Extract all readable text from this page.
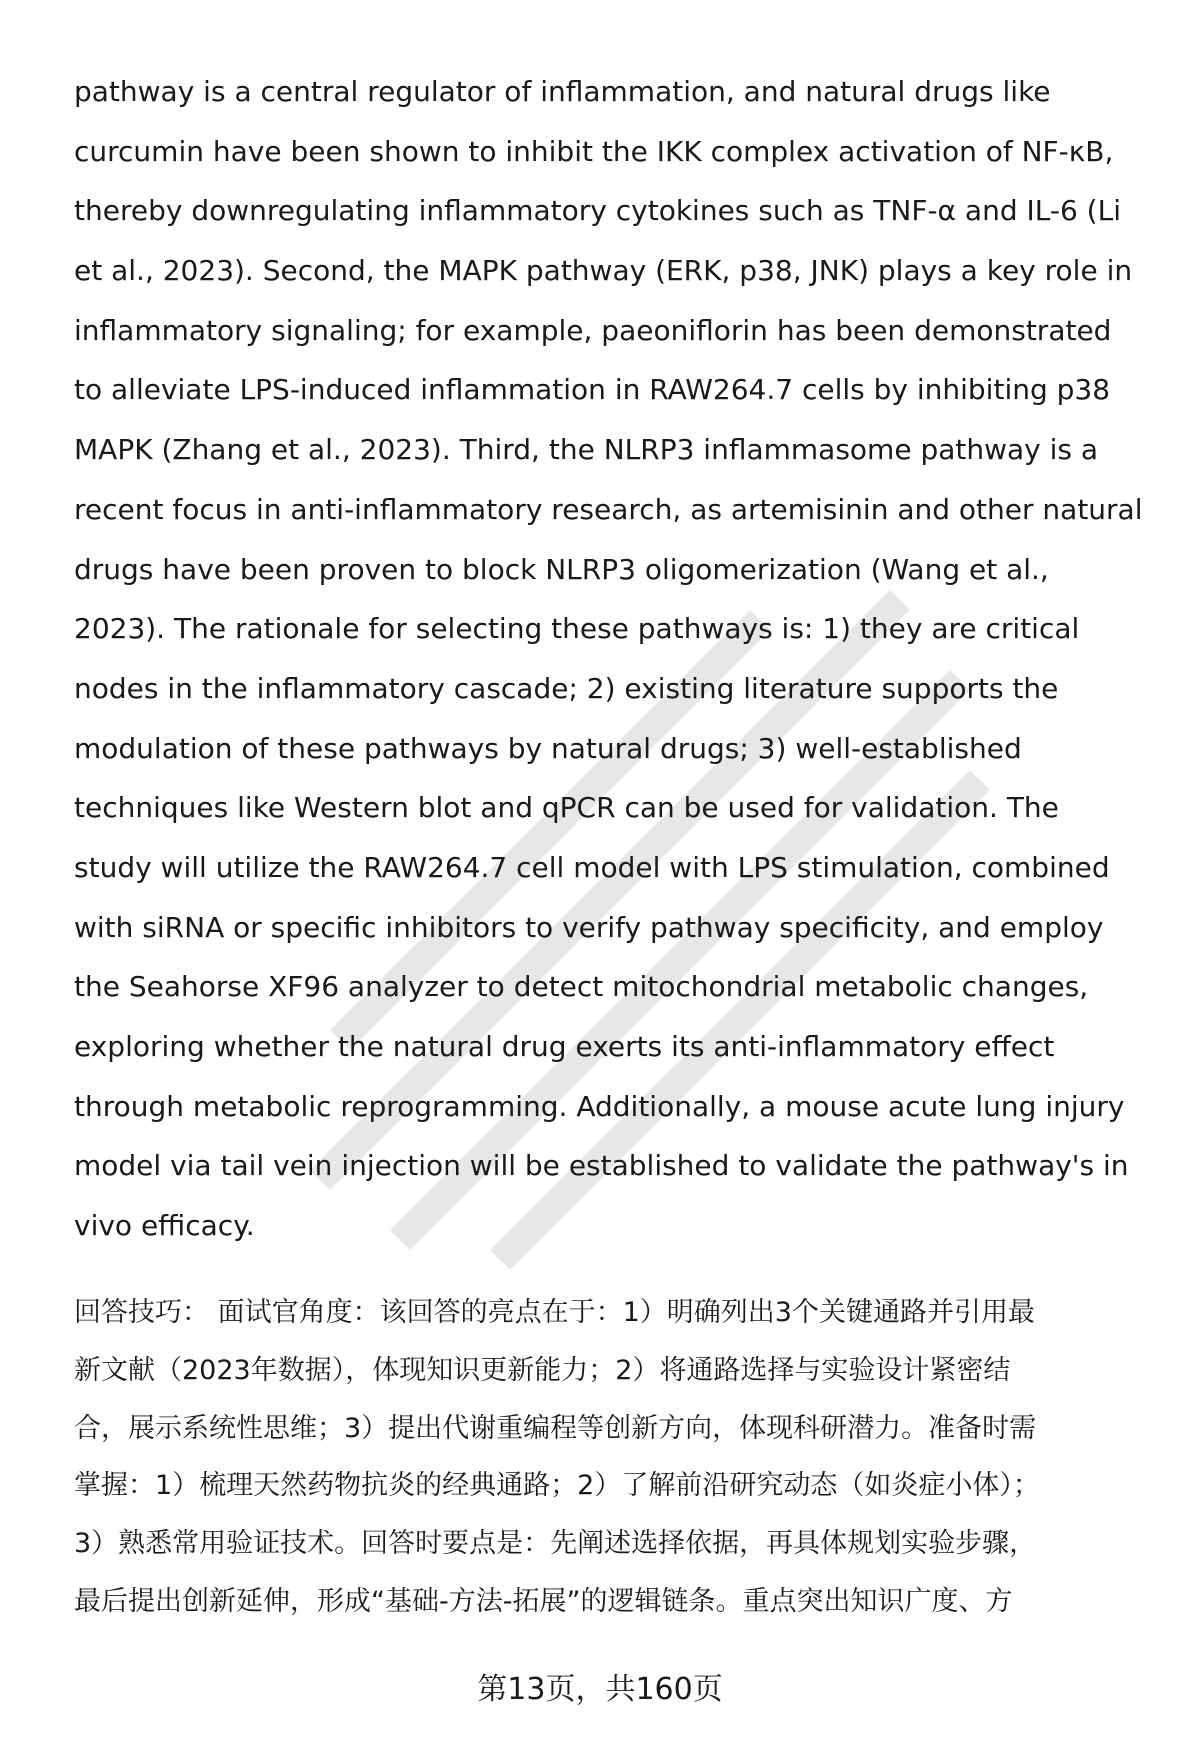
pathway is a central regulator of inflammation, and natural drugs like
curcumin have been shown to inhibit the IKK complex activation of NF-κB,
thereby downregulating inflammatory cytokines such as TNF-α and IL-6 (Li
et al., 2023). Second, the MAPK pathway (ERK, p38, JNK) plays a key role in
inflammatory signaling; for example, paeoniflorin has been demonstrated
to alleviate LPS-induced inflammation in RAW264.7 cells by inhibiting p38
MAPK (Zhang et al., 2023). Third, the NLRP3 inflammasome pathway is a
recent focus in anti-inflammatory research, as artemisinin and other natural
drugs have been proven to block NLRP3 oligomerization (Wang et al.,
2023). The rationale for selecting these pathways is: 1) they are critical
nodes in the inflammatory cascade; 2) existing literature supports the
modulation of these pathways by natural drugs; 3) well-established
techniques like Western blot and qPCR can be used for validation. The
study will utilize the RAW264.7 cell model with LPS stimulation, combined
with siRNA or specific inhibitors to verify pathway specificity, and employ
the Seahorse XF96 analyzer to detect mitochondrial metabolic changes,
exploring whether the natural drug exerts its anti-inflammatory effect
through metabolic reprogramming. Additionally, a mouse acute lung injury
model via tail vein injection will be established to validate the pathway's in
vivo efficacy.
回答技巧： 面试官角度：该回答的亮点在于：1）明确列出3个关键通路并引用最
新文献（2023年数据），体现知识更新能力；2）将通路选择与实验设计紧密结
合，展示系统性思维；3）提出代谢重编程等创新方向，体现科研潜力。准备时需
掌握：1）梳理天然药物抗炎的经典通路；2）了解前沿研究动态（如炎症小体）；
3）熟悉常用验证技术。回答时要点是：先阐述选择依据，再具体规划实验步骤，
最后提出创新延伸，形成“基础-方法-拓展”的逻辑链条。重点突出知识广度、方
第13页，共160页
